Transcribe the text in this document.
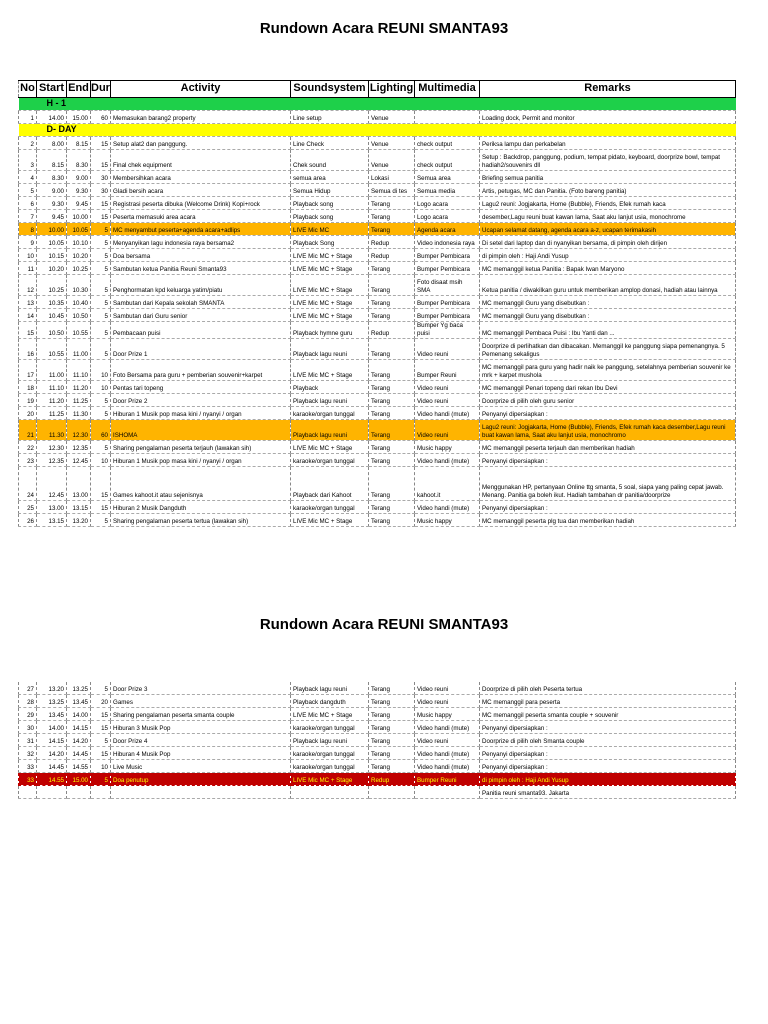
Rundown Acara REUNI SMANTA93
No	Start	End	Dur	Activity	Soundsystem	Lighting	Multimedia	Remarks
	H - 1							
1	14.00	15.00	60	Memasukan barang2 property	Line setup	Venue		Loading dock, Permit and monitor
	D- DAY							
2	8.00	8.15	15	Setup alat2 dan panggung.	Line Check	Venue	check output	Periksa lampu dan perkabelan
3	8.15	8.30	15	Final chek equipment	Chek sound	Venue	check output	Setup : Backdrop, panggung, podium, tempat pidato, keyboard, doorprize bowl, tempat hadiah2/souvenirs dll
4	8.30	9.00	30	Membersihkan acara	semua area	Lokasi	Semua area	Briefing semua panitia
5	9.00	9.30	30	Gladi bersih acara	Semua Hidup	Semua di tes	Semua media	Artis, petugas, MC dan Panitia. (Foto bareng panitia)
6	9.30	9.45	15	Registrasi peserta dibuka (Welcome Drink) Kopi+rock	Playback song	Terang	Logo acara	Lagu2 reuni: Jogjakarta, Home (Bubble), Friends, Efek rumah kaca
7	9.45	10.00	15	Peserta memasuki area acara	Playback song	Terang	Logo acara	desember,Lagu reuni buat kawan lama, Saat aku lanjut usia, monochrome
8	10.00	10.05	5	MC menyambut peserta+agenda acara+adlips	LIVE Mic MC	Terang	Agenda acara	Ucapan selamat datang, agenda acara a-z, ucapan terimakasih
9	10.05	10.10	5	Menyanyikan lagu indonesia raya bersama2	Playback Song	Redup	Video indonesia raya	Di setel dari laptop dan di nyanyikan bersama, di pimpin oleh dirijen
10	10.15	10.20	5	Doa bersama	LIVE Mic MC + Stage	Redup	Bumper Pembicara	di pimpin oleh : Haji Andi Yusup
11	10.20	10.25	5	Sambutan ketua Panitia Reuni Smanta93	LIVE Mic MC + Stage	Terang	Bumper Pembicara	MC memanggil ketua Panitia : Bapak Iwan Maryono
12	10.25	10.30	5	Penghormatan kpd keluarga yatim/piatu	LIVE Mic MC + Stage	Terang	Foto disaat msih SMA	Ketua panitia / diwakilkan guru untuk memberikan amplop donasi, hadiah atau lainnya
13	10.35	10.40	5	Sambutan dari Kepala sekolah SMANTA	LIVE Mic MC + Stage	Terang	Bumper Pembicara	MC memanggil Guru yang disebutkan :
14	10.45	10.50	5	Sambutan dari Guru senior	LIVE Mic MC + Stage	Terang	Bumper Pembicara	MC memanggil Guru yang disebutkan :
15	10.50	10.55	5	Pembacaan puisi	Playback hymne guru	Redup	Bumper Yg baca puisi	MC memanggil Pembaca Puisi : Ibu Yanti dan ...
16	10.55	11.00	5	Door Prize 1	Playback lagu reuni	Terang	Video reuni	Doorprize di perlihatkan dan dibacakan. Memanggil ke panggung siapa pemenangnya. 5 Pemenang sekaligus
17	11.00	11.10	10	Foto Bersama para guru + pemberian souvenir+karpet	LIVE Mic MC + Stage	Terang	Bumper Reuni	MC memanggil para guru yang hadir naik ke panggung, setelahnya pemberian souvenir ke mrk + karpet mushola
18	11.10	11.20	10	Pentas tari topeng	Playback	Terang	Video reuni	MC memanggil Penari topeng dari rekan Ibu Devi
19	11.20	11.25	5	Door Prize 2	Playback lagu reuni	Terang	Video reuni	Doorprize di pilih oleh guru senior
20	11.25	11.30	5	Hiburan 1 Musik pop masa kini / nyanyi / organ	karaoke/organ tunggal	Terang	Video handi (mute)	Penyanyi dipersiapkan :
21	11.30	12.30	60	ISHOMA	Playback lagu reuni	Terang	Video reuni	Lagu2 reuni: Jogjakarta, Home (Bubble), Friends, Efek rumah kaca desember,Lagu reuni buat kawan lama, Saat aku lanjut usia, monochromo
22	12.30	12.35	5	Sharing pengalaman peserta terjauh (lawakan sih)	LIVE Mic MC + Stage	Terang	Music happy	MC memanggil peserta terjauh dan memberikan hadiah
23	12.35	12.45	10	Hiburan 1 Musik pop masa kini / nyanyi / organ	karaoke/organ tunggal	Terang	Video handi (mute)	Penyanyi dipersiapkan :
24	12.45	13.00	15	Games kahoot.it atau sejenisnya	Playback dari Kahoot	Terang	kahoot.it	Menggunakan HP, pertanyaan Online ttg smanta, 5 soal, siapa yang paling cepat jawab. Menang. Panitia ga boleh ikut. Hadiah tambahan dr panitia/doorprize
25	13.00	13.15	15	Hiburan 2 Musik Dangduth	karaoke/organ tunggal	Terang	Video handi (mute)	Penyanyi dipersiapkan :
26	13.15	13.20	5	Sharing pengalaman peserta tertua (lawakan sih)	LIVE Mic MC + Stage	Terang	Music happy	MC memanggil peserta plg tua dan memberikan hadiah
Rundown Acara REUNI SMANTA93

27	13.20	13.25	5	Door Prize 3	Playback lagu reuni	Terang	Video reuni	Doorprize di pilih oleh Peserta tertua
28	13.25	13.45	20	Games	Playback dangduth	Terang	Video reuni	MC memanggil para peserta
29	13.45	14.00	15	Sharing pengalaman peserta smanta couple	LIVE Mic MC + Stage	Terang	Music happy	MC memanggil peserta smanta couple + souvenir
30	14.00	14.15	15	Hiburan 3 Musik Pop	karaoke/organ tunggal	Terang	Video handi (mute)	Penyanyi dipersiapkan :
31	14.15	14.20	5	Door Prize 4	Playback lagu reuni	Terang	Video reuni	Doorprize di pilih oleh Smanta couple
32	14.20	14.45	15	Hiburan 4 Musik Pop	karaoke/organ tunggal	Terang	Video handi (mute)	Penyanyi dipersiapkan :
33	14.45	14.55	10	Live Music	karaoke/organ tunggal	Terang	Video handi (mute)	Penyanyi dipersiapkan :
33	14.55	15.00	5	Doa penutup	LIVE Mic MC + Stage	Redup	Bumper Reuni	di pimpin oleh : Haji Andi Yusup
								Panitia reuni smanta93. Jakarta
